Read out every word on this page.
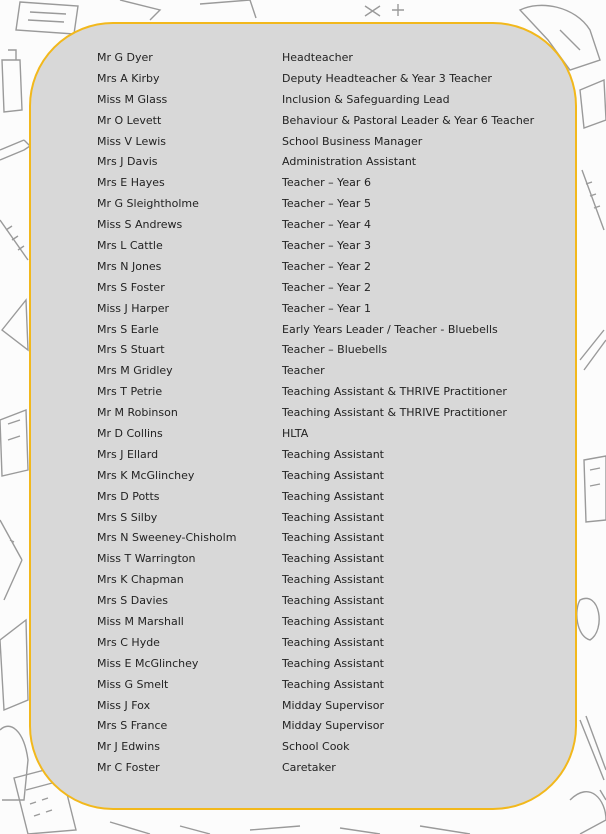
Mr G Dyer	Headteacher
Mrs A Kirby	Deputy Headteacher & Year 3 Teacher
Miss M Glass	Inclusion & Safeguarding Lead
Mr O Levett	Behaviour & Pastoral Leader & Year 6 Teacher
Miss V Lewis	School Business Manager
Mrs J Davis	Administration Assistant
Mrs E Hayes	Teacher – Year 6
Mr G Sleightholme	Teacher – Year 5
Miss S Andrews	Teacher – Year 4
Mrs L Cattle	Teacher – Year 3
Mrs N Jones	Teacher – Year 2
Mrs S Foster	Teacher – Year 2
Miss J Harper	Teacher – Year 1
Mrs S Earle	Early Years Leader / Teacher - Bluebells
Mrs S Stuart	Teacher – Bluebells
Mrs M Gridley	Teacher
Mrs T Petrie	Teaching Assistant & THRIVE Practitioner
Mr M Robinson	Teaching Assistant & THRIVE Practitioner
Mr D Collins	HLTA
Mrs J Ellard	Teaching Assistant
Mrs K McGlinchey	Teaching Assistant
Mrs D Potts	Teaching Assistant
Mrs S Silby	Teaching Assistant
Mrs N Sweeney-Chisholm	Teaching Assistant
Miss T Warrington	Teaching Assistant
Mrs K Chapman	Teaching Assistant
Mrs S Davies	Teaching Assistant
Miss M Marshall	Teaching Assistant
Mrs C Hyde	Teaching Assistant
Miss E McGlinchey	Teaching Assistant
Miss G Smelt	Teaching Assistant
Miss J Fox	Midday Supervisor
Mrs S France	Midday Supervisor
Mr J Edwins	School Cook
Mr C Foster	Caretaker
